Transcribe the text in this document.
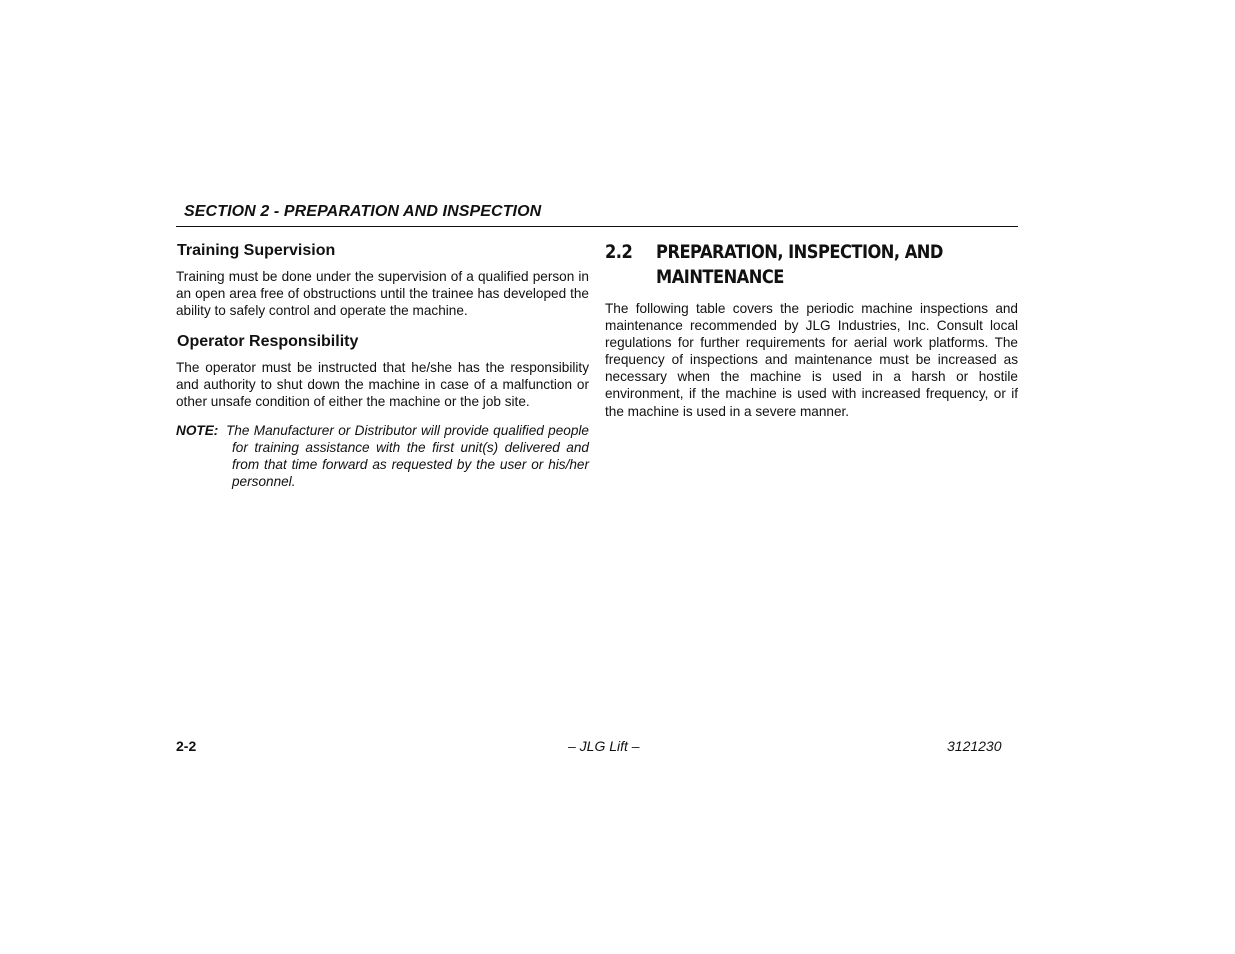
SECTION 2 - PREPARATION AND INSPECTION
Training Supervision

Training must be done under the supervision of a qualified person in an open area free of obstructions until the trainee has developed the ability to safely control and operate the machine.

Operator Responsibility

The operator must be instructed that he/she has the responsibility and authority to shut down the machine in case of a malfunction or other unsafe condition of either the machine or the job site.

NOTE: The Manufacturer or Distributor will provide qualified people for training assistance with the first unit(s) delivered and from that time forward as requested by the user or his/her personnel.
2.2	PREPARATION, INSPECTION, AND MAINTENANCE

The following table covers the periodic machine inspections and maintenance recommended by JLG Industries, Inc. Consult local regulations for further requirements for aerial work platforms. The frequency of inspections and maintenance must be increased as necessary when the machine is used in a harsh or hostile environment, if the machine is used with increased frequency, or if the machine is used in a severe manner.

2-2	– JLG Lift –	3121230
